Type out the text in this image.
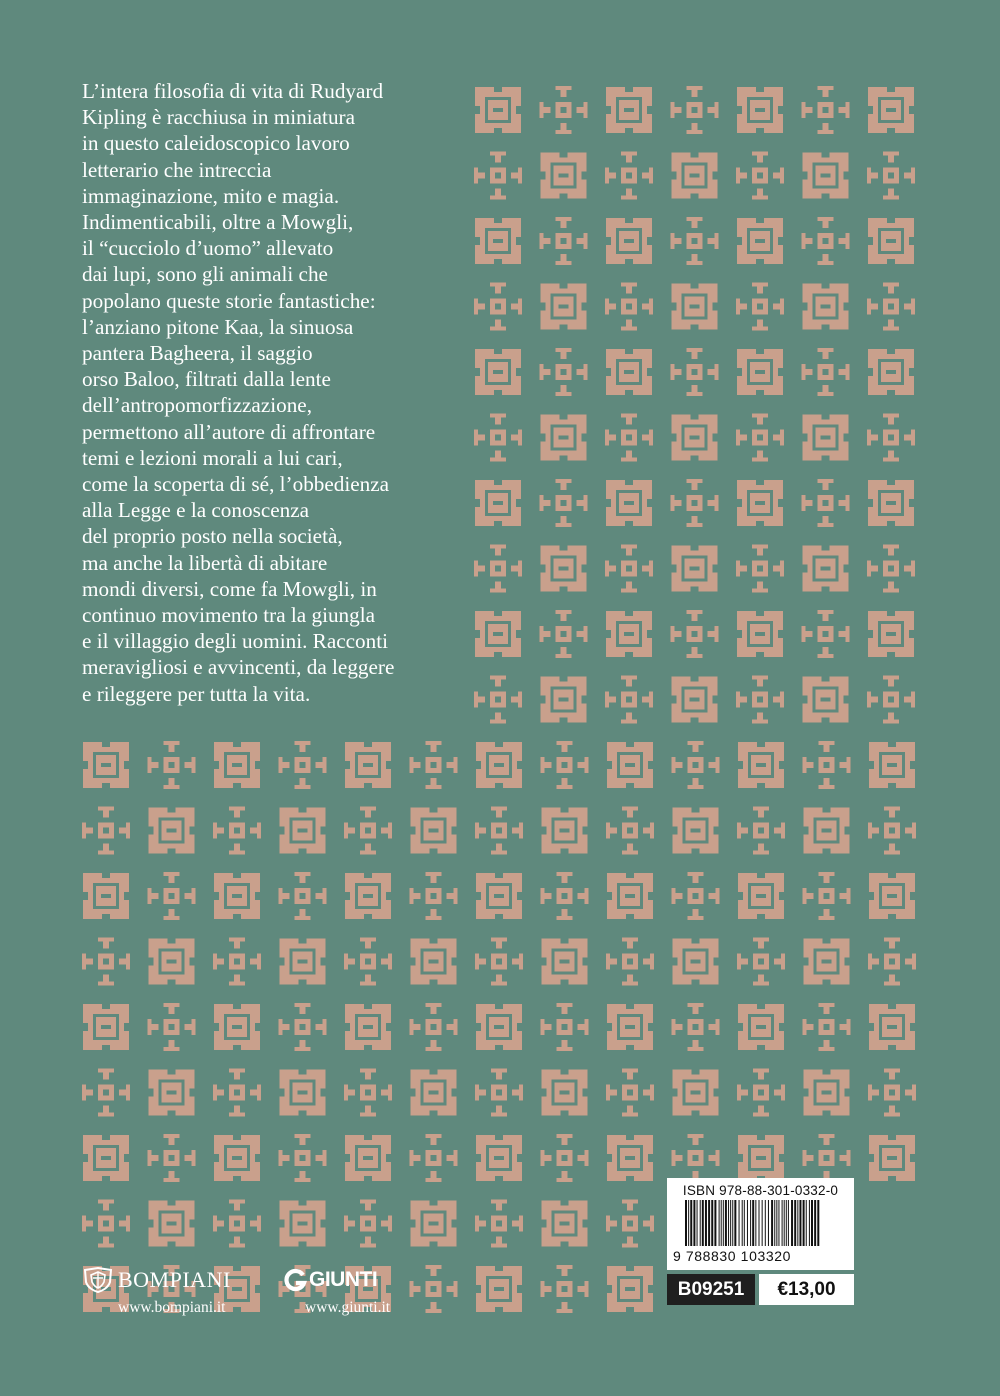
L’intera filosofia di vita di Rudyard
Kipling è racchiusa in miniatura
in questo caleidoscopico lavoro
letterario che intreccia
immaginazione, mito e magia.
Indimenticabili, oltre a Mowgli,
il “cucciolo d’uomo” allevato
dai lupi, sono gli animali che
popolano queste storie fantastiche:
l’anziano pitone Kaa, la sinuosa
pantera Bagheera, il saggio
orso Baloo, filtrati dalla lente
dell’antropomorfizzazione,
permettono all’autore di affrontare
temi e lezioni morali a lui cari,
come la scoperta di sé, l’obbedienza
alla Legge e la conoscenza
del proprio posto nella società,
ma anche la libertà di abitare
mondi diversi, come fa Mowgli, in
continuo movimento tra la giungla
e il villaggio degli uomini. Racconti
meravigliosi e avvincenti, da leggere
e rileggere per tutta la vita.

BOMPIANI
www.bompiani.it
GIUNTI
www.giunti.it
ISBN 978-88-301-0332-0
9 788830 103320
B09251	€13,00
